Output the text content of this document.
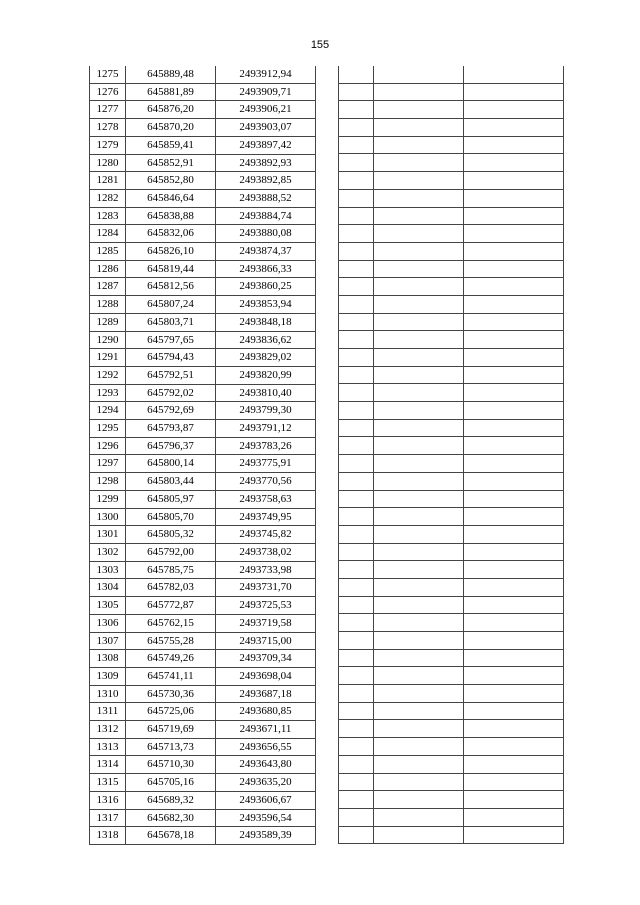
155
1275	645889,48	2493912,94
1276	645881,89	2493909,71
1277	645876,20	2493906,21
1278	645870,20	2493903,07
1279	645859,41	2493897,42
1280	645852,91	2493892,93
1281	645852,80	2493892,85
1282	645846,64	2493888,52
1283	645838,88	2493884,74
1284	645832,06	2493880,08
1285	645826,10	2493874,37
1286	645819,44	2493866,33
1287	645812,56	2493860,25
1288	645807,24	2493853,94
1289	645803,71	2493848,18
1290	645797,65	2493836,62
1291	645794,43	2493829,02
1292	645792,51	2493820,99
1293	645792,02	2493810,40
1294	645792,69	2493799,30
1295	645793,87	2493791,12
1296	645796,37	2493783,26
1297	645800,14	2493775,91
1298	645803,44	2493770,56
1299	645805,97	2493758,63
1300	645805,70	2493749,95
1301	645805,32	2493745,82
1302	645792,00	2493738,02
1303	645785,75	2493733,98
1304	645782,03	2493731,70
1305	645772,87	2493725,53
1306	645762,15	2493719,58
1307	645755,28	2493715,00
1308	645749,26	2493709,34
1309	645741,11	2493698,04
1310	645730,36	2493687,18
1311	645725,06	2493680,85
1312	645719,69	2493671,11
1313	645713,73	2493656,55
1314	645710,30	2493643,80
1315	645705,16	2493635,20
1316	645689,32	2493606,67
1317	645682,30	2493596,54
1318	645678,18	2493589,39
